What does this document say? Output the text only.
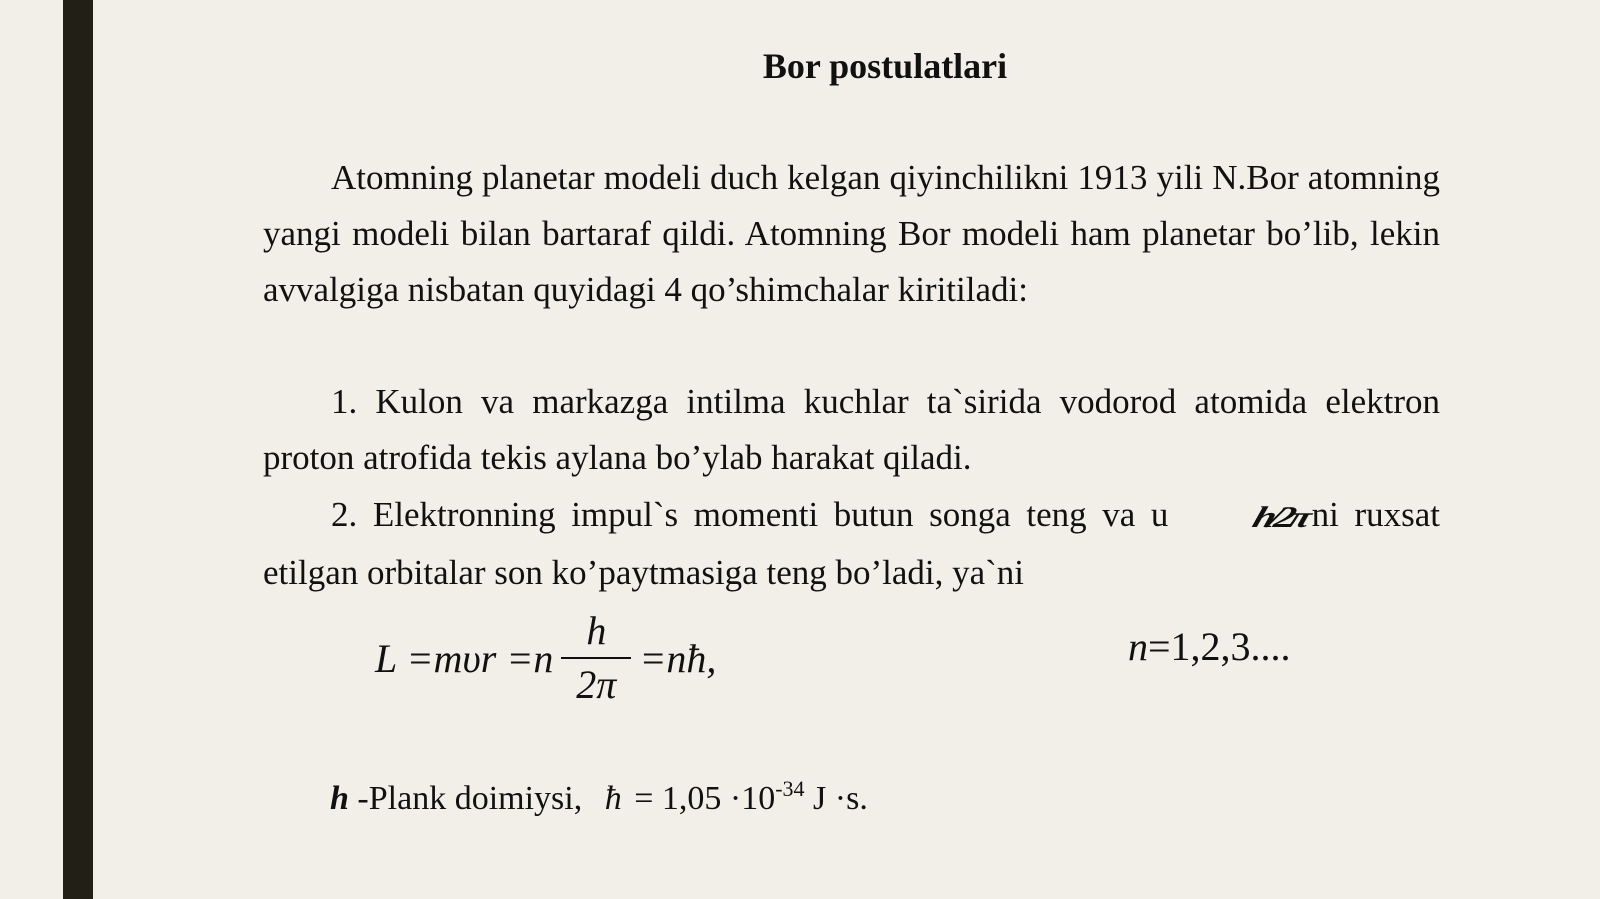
Bor postulatlari

Atomning planetar modeli duch kelgan qiyinchilikni 1913 yili N.Bor atomning yangi modeli bilan bartaraf qildi. Atomning Bor modeli ham planetar bo’lib, lekin avvalgiga nisbatan quyidagi 4 qo’shimchalar kiritiladi:

1. Kulon va markazga intilma kuchlar ta`sirida vodorod atomida elektron proton atrofida tekis aylana bo’ylab harakat qiladi.

2. Elektronning impul`s momenti butun songa teng va u h/2πni ruxsat etilgan orbitalar son ko’paytmasiga teng bo’ladi, ya`ni

$L =m\upsilon r =n \frac{h}{2\pi}$ =nħ,	n=1,2,3....
h -Plank doimiysi, ħ = $1,05 \cdot 10^{-34}$ J ·s.
